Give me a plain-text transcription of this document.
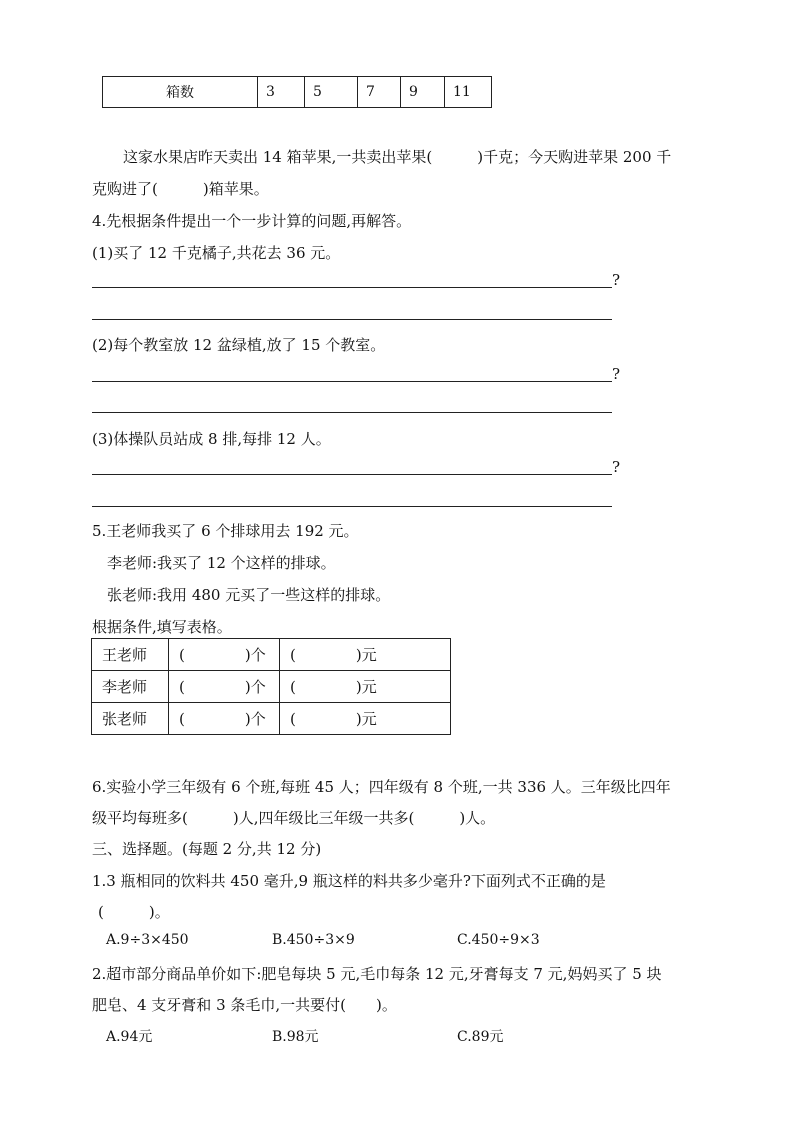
箱数	3	5	7	9	11
这家水果店昨天卖出 14 箱苹果,一共卖出苹果(　　　)千克；今天购进苹果 200 千
克购进了(　　　)箱苹果。
4.先根据条件提出一个一步计算的问题,再解答。
(1)买了 12 千克橘子,共花去 36 元。
?
(2)每个教室放 12 盆绿植,放了 15 个教室。
?
(3)体操队员站成 8 排,每排 12 人。
?
5.王老师我买了 6 个排球用去 192 元。
李老师:我买了 12 个这样的排球。
张老师:我用 480 元买了一些这样的排球。
根据条件,填写表格。
王老师	(　　　　)个	(　　　　)元
李老师	(　　　　)个	(　　　　)元
张老师	(　　　　)个	(　　　　)元
6.实验小学三年级有 6 个班,每班 45 人；四年级有 8 个班,一共 336 人。三年级比四年
级平均每班多(　　　)人,四年级比三年级一共多(　　　)人。
三、选择题。(每题 2 分,共 12 分)
1.3 瓶相同的饮料共 450 毫升,9 瓶这样的料共多少毫升?下面列式不正确的是
(　　　)。
A.9÷3×450	B.450÷3×9	C.450÷9×3
2.超市部分商品单价如下:肥皂每块 5 元,毛巾每条 12 元,牙膏每支 7 元,妈妈买了 5 块
肥皂、4 支牙膏和 3 条毛巾,一共要付(　　)。
A.94元	B.98元	C.89元
